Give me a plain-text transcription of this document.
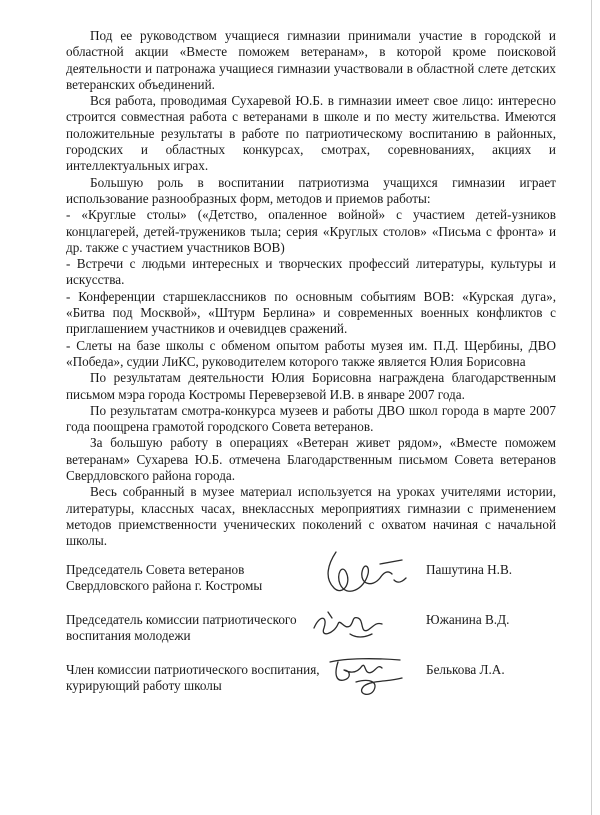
Под ее руководством учащиеся гимназии принимали участие в городской и областной акции «Вместе поможем ветеранам», в которой кроме поисковой деятельности и патронажа учащиеся гимназии участвовали в областной слете детских ветеранских объединений.

Вся работа, проводимая Сухаревой Ю.Б. в гимназии имеет свое лицо: интересно строится совместная работа с ветеранами в школе и по месту жительства. Имеются положительные результаты в работе по патриотическому воспитанию в районных, городских и областных конкурсах, смотрах, соревнованиях, акциях и интеллектуальных играх.

Большую роль в воспитании патриотизма учащихся гимназии играет использование разнообразных форм, методов и приемов работы:

- «Круглые столы» («Детство, опаленное войной» с участием детей-узников концлагерей, детей-тружеников тыла; серия «Круглых столов» «Письма с фронта» и др. также с участием участников ВОВ)

- Встречи с людьми интересных и творческих профессий литературы, культуры и искусства.

- Конференции старшеклассников по основным событиям ВОВ: «Курская дуга», «Битва под Москвой», «Штурм Берлина» и современных военных конфликтов с приглашением участников и очевидцев сражений.

- Слеты на базе школы с обменом опытом работы музея им. П.Д. Щербины, ДВО «Победа», судии ЛиКС, руководителем которого также является Юлия Борисовна

По результатам деятельности Юлия Борисовна награждена благодарственным письмом мэра города Костромы Переверзевой И.В. в январе 2007 года.

По результатам смотра-конкурса музеев и работы ДВО школ города в марте 2007 года поощрена грамотой городского Совета ветеранов.

За большую работу в операциях «Ветеран живет рядом», «Вместе поможем ветеранам» Сухарева Ю.Б. отмечена Благодарственным письмом Совета ветеранов Свердловского района города.

Весь собранный в музее материал используется на уроках учителями истории, литературы, классных часах, внеклассных мероприятиях гимназии с применением методов приемственности ученических поколений с охватом начиная с начальной школы.

Председатель Совета ветеранов Свердловского района г. Костромы
Пашутина Н.В.
Председатель комиссии патриотического воспитания молодежи
Южанина В.Д.
Член комиссии патриотического воспитания, курирующий работу школы
Белькова Л.А.
